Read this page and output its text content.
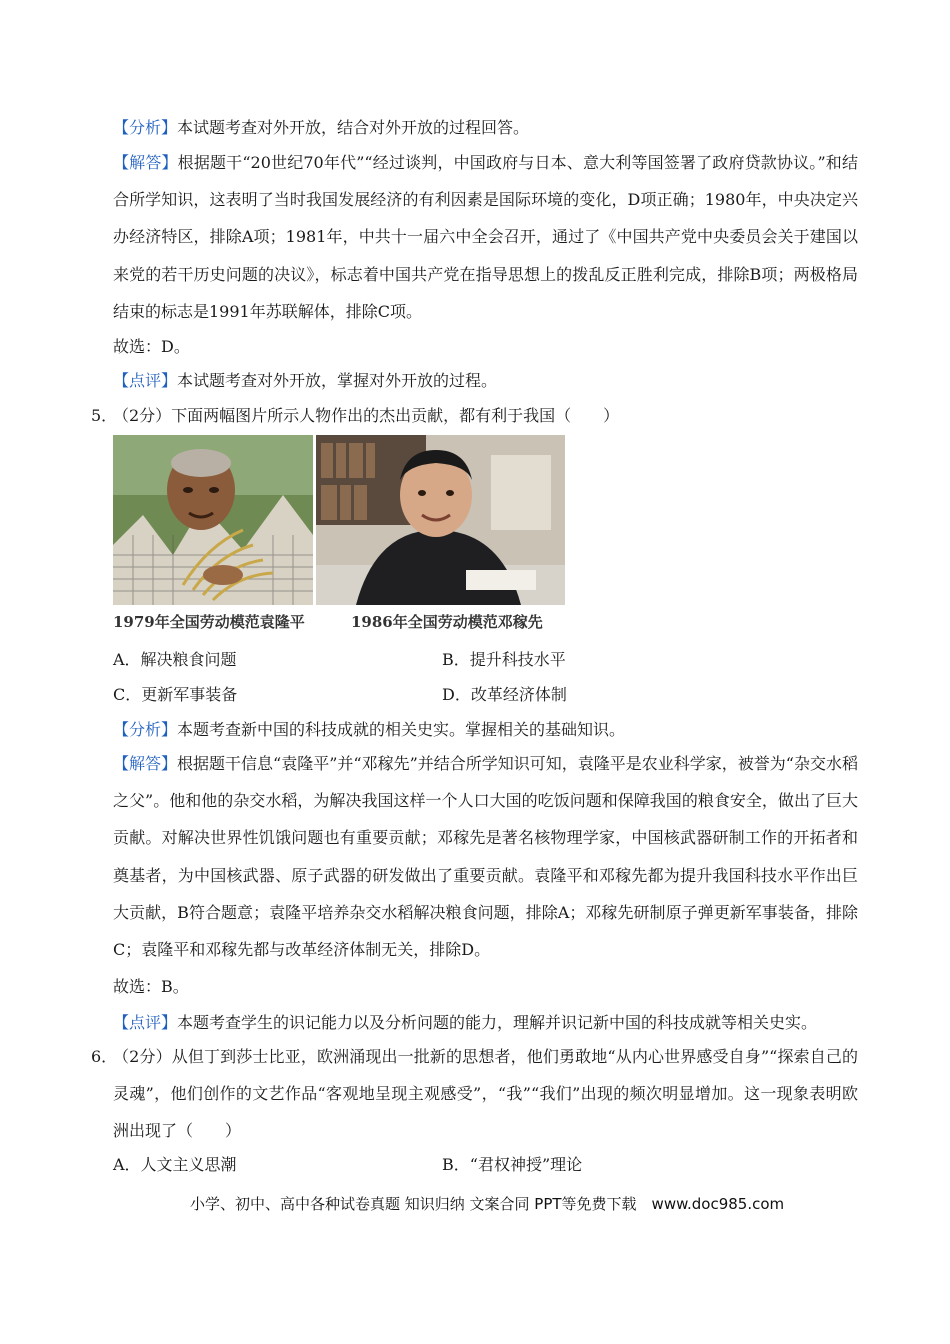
【分析】本试题考查对外开放，结合对外开放的过程回答。
【解答】根据题干“20世纪70年代”“经过谈判，中国政府与日本、意大利等国签署了政府贷款协议。”和结合所学知识，这表明了当时我国发展经济的有利因素是国际环境的变化，D项正确；1980年，中央决定兴办经济特区，排除A项；1981年，中共十一届六中全会召开，通过了《中国共产党中央委员会关于建国以来党的若干历史问题的决议》，标志着中国共产党在指导思想上的拨乱反正胜利完成，排除B项；两极格局结束的标志是1991年苏联解体，排除C项。
故选：D。
【点评】本试题考查对外开放，掌握对外开放的过程。
5．
（2分）下面两幅图片所示人物作出的杰出贡献，都有利于我国（　　）
1979年全国劳动模范袁隆平	1986年全国劳动模范邓稼先
A．解决粮食问题	B．提升科技水平
C．更新军事装备	D．改革经济体制
【分析】本题考查新中国的科技成就的相关史实。掌握相关的基础知识。
【解答】根据题干信息“袁隆平”并“邓稼先”并结合所学知识可知，袁隆平是农业科学家，被誉为“杂交水稻之父”。他和他的杂交水稻，为解决我国这样一个人口大国的吃饭问题和保障我国的粮食安全，做出了巨大贡献。对解决世界性饥饿问题也有重要贡献；邓稼先是著名核物理学家，中国核武器研制工作的开拓者和奠基者，为中国核武器、原子武器的研发做出了重要贡献。袁隆平和邓稼先都为提升我国科技水平作出巨大贡献，B符合题意；袁隆平培养杂交水稻解决粮食问题，排除A；邓稼先研制原子弹更新军事装备，排除C；袁隆平和邓稼先都与改革经济体制无关，排除D。
故选：B。
【点评】本题考查学生的识记能力以及分析问题的能力，理解并识记新中国的科技成就等相关史实。
6．
（2分）从但丁到莎士比亚，欧洲涌现出一批新的思想者，他们勇敢地“从内心世界感受自身”“探索自己的灵魂”，他们创作的文艺作品“客观地呈现主观感受”，“我”“我们”出现的频次明显增加。这一现象表明欧洲出现了（　　）
A．人文主义思潮	B．“君权神授”理论
小学、初中、高中各种试卷真题 知识归纳 文案合同 PPT等免费下载　www.doc985.com
